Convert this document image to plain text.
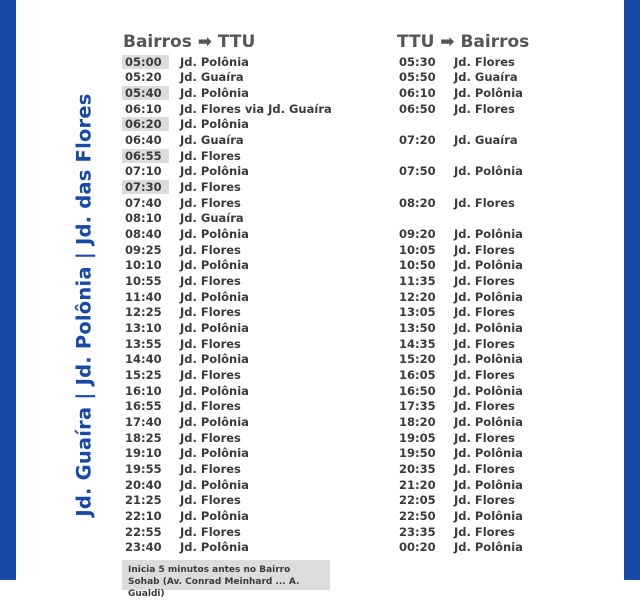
Jd. Guaíra | Jd. Polônia | Jd. das Flores
Bairros ➡ TTU
05:00	Jd. Polônia
05:20	Jd. Guaíra
05:40	Jd. Polônia
06:10	Jd. Flores via Jd. Guaíra
06:20	Jd. Polônia
06:40	Jd. Guaíra
06:55	Jd. Flores
07:10	Jd. Polônia
07:30	Jd. Flores
07:40	Jd. Flores
08:10	Jd. Guaíra
08:40	Jd. Polônia
09:25	Jd. Flores
10:10	Jd. Polônia
10:55	Jd. Flores
11:40	Jd. Polônia
12:25	Jd. Flores
13:10	Jd. Polônia
13:55	Jd. Flores
14:40	Jd. Polônia
15:25	Jd. Flores
16:10	Jd. Polônia
16:55	Jd. Flores
17:40	Jd. Polônia
18:25	Jd. Flores
19:10	Jd. Polônia
19:55	Jd. Flores
20:40	Jd. Polônia
21:25	Jd. Flores
22:10	Jd. Polônia
22:55	Jd. Flores
23:40	Jd. Polônia
TTU ➡ Bairros
05:30	Jd. Flores
05:50	Jd. Guaíra
06:10	Jd. Polônia
06:50	Jd. Flores
07:20	Jd. Guaíra
07:50	Jd. Polônia
08:20	Jd. Flores
09:20	Jd. Polônia
10:05	Jd. Flores
10:50	Jd. Polônia
11:35	Jd. Flores
12:20	Jd. Polônia
13:05	Jd. Flores
13:50	Jd. Polônia
14:35	Jd. Flores
15:20	Jd. Polônia
16:05	Jd. Flores
16:50	Jd. Polônia
17:35	Jd. Flores
18:20	Jd. Polônia
19:05	Jd. Flores
19:50	Jd. Polônia
20:35	Jd. Flores
21:20	Jd. Polônia
22:05	Jd. Flores
22:50	Jd. Polônia
23:35	Jd. Flores
00:20	Jd. Polônia
Inicia 5 minutos antes no Bairro Sohab (Av. Conrad Meinhard ... A. Gualdi)
